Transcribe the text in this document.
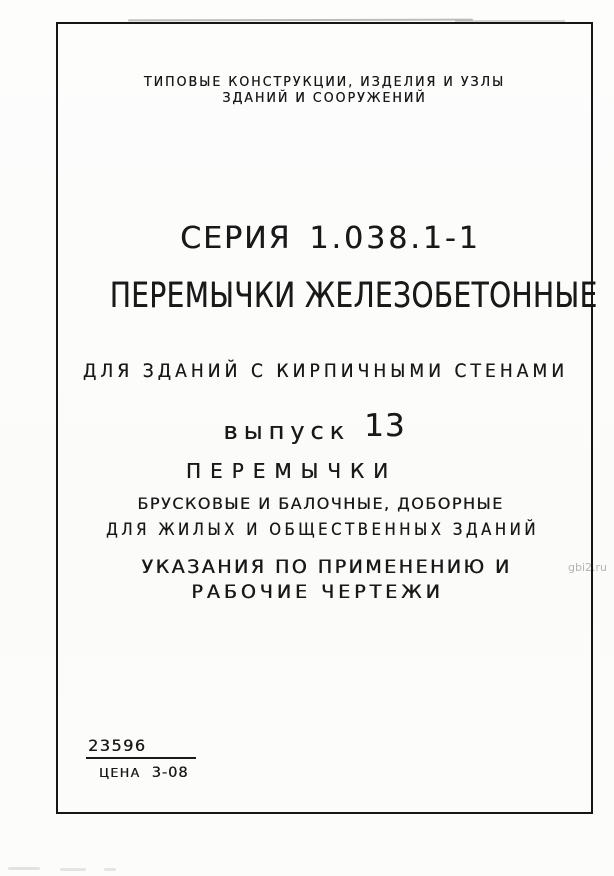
gbi2.ru
ТИПОВЫЕ КОНСТРУКЦИИ, ИЗДЕЛИЯ И УЗЛЫ
ЗДАНИЙ И СООРУЖЕНИЙ
СЕРИЯ 1.038.1-1
ПЕРЕМЫЧКИ ЖЕЛЕЗОБЕТОННЫЕ
ДЛЯ ЗДАНИЙ С КИРПИЧНЫМИ СТЕНАМИ
выпуск 13
ПЕРЕМЫЧКИ
БРУСКОВЫЕ И БАЛОЧНЫЕ, ДОБОРНЫЕ
ДЛЯ ЖИЛЫХ И ОБЩЕСТВЕННЫХ ЗДАНИЙ
УКАЗАНИЯ ПО ПРИМЕНЕНИЮ И
РАБОЧИЕ ЧЕРТЕЖИ
23596
ЦЕНА 3-08
